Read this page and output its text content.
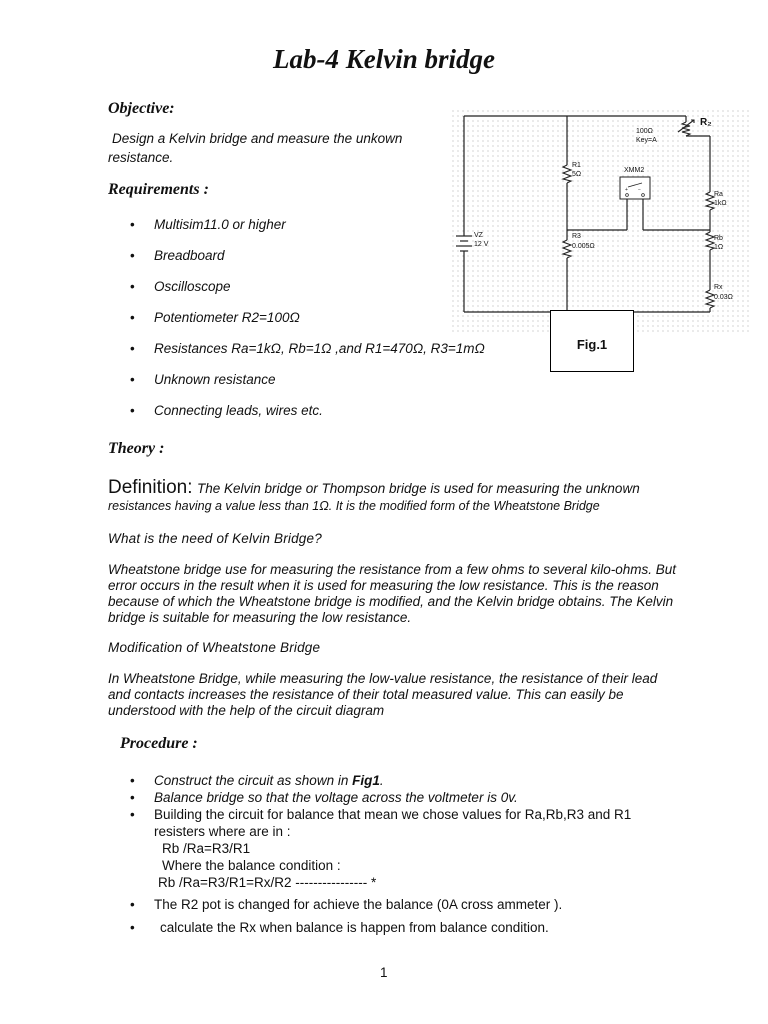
Lab-4 Kelvin bridge
Objective:
Design a Kelvin bridge and measure the unkown
resistance.
Requirements :
• Multisim11.0 or higher
• Breadboard
• Oscilloscope
• Potentiometer R2=100Ω
• Resistances Ra=1kΩ, Rb=1Ω ,and R1=470Ω, R3=1mΩ
• Unknown resistance
• Connecting leads, wires etc.
+ −
R₂
100Ω
Key=A
R1
5Ω
XMM2
Ra
1kΩ
VZ
12 V
R3
0.005Ω
Rb
1Ω
Rx
0.03Ω
Fig.1
Theory :
Definition: The Kelvin bridge or Thompson bridge is used for measuring the unknown
resistances having a value less than 1Ω. It is the modified form of the Wheatstone Bridge
What is the need of Kelvin Bridge?
Wheatstone bridge use for measuring the resistance from a few ohms to several kilo-ohms. But
error occurs in the result when it is used for measuring the low resistance. This is the reason
because of which the Wheatstone bridge is modified, and the Kelvin bridge obtains. The Kelvin
bridge is suitable for measuring the low resistance.
Modification of Wheatstone Bridge
In Wheatstone Bridge, while measuring the low-value resistance, the resistance of their lead
and contacts increases the resistance of their total measured value. This can easily be
understood with the help of the circuit diagram
Procedure :
• Construct the circuit as shown in Fig1.
• Balance bridge so that the voltage across the voltmeter is 0v.
• Building the circuit for balance that mean we chose values for Ra,Rb,R3 and R1
resisters where are in :
Rb /Ra=R3/R1
Where the balance condition :
Rb /Ra=R3/R1=Rx/R2 ---------------- *
• The R2 pot is changed for achieve the balance (0A cross ammeter ).
• calculate the Rx when balance is happen from balance condition.
1
